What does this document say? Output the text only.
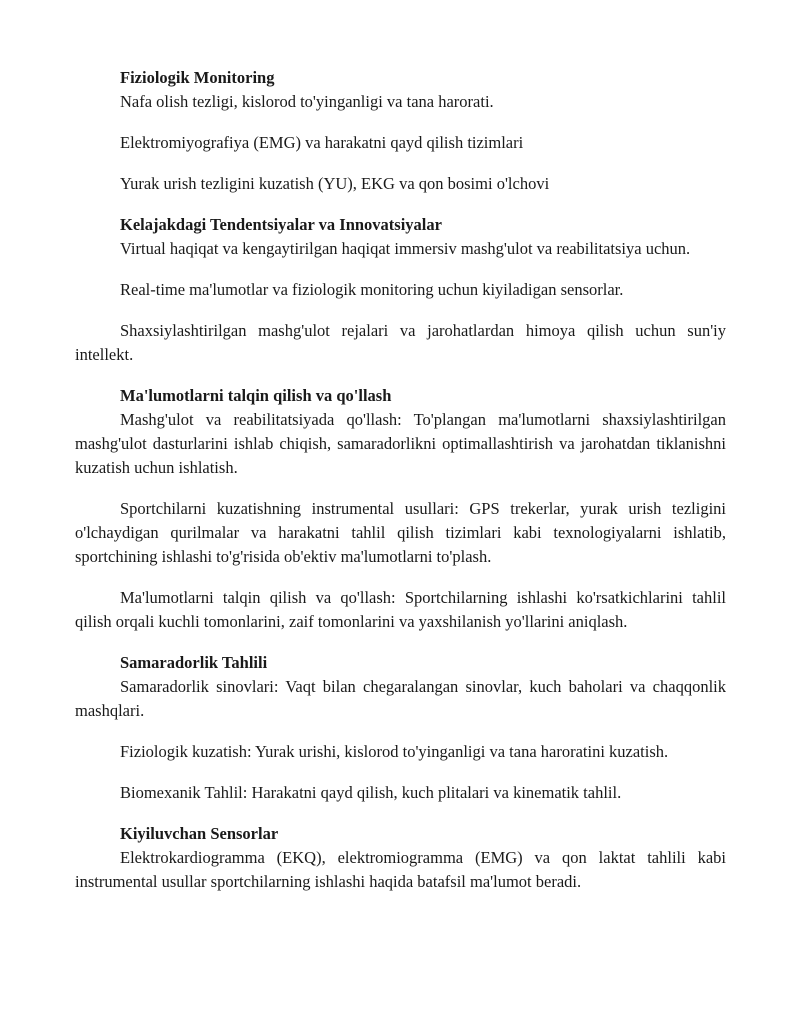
Fiziologik Monitoring

Nafa olish tezligi, kislorod to'yinganligi va tana harorati.

Elektromiyografiya (EMG) va harakatni qayd qilish tizimlari

Yurak urish tezligini kuzatish (YU), EKG va qon bosimi o'lchovi

Kelajakdagi Tendentsiyalar va Innovatsiyalar

Virtual haqiqat va kengaytirilgan haqiqat immersiv mashg'ulot va reabilitatsiya uchun.

Real-time ma'lumotlar va fiziologik monitoring uchun kiyiladigan sensorlar.

Shaxsiylashtirilgan mashg'ulot rejalari va jarohatlardan himoya qilish uchun sun'iy intellekt.

Ma'lumotlarni talqin qilish va qo'llash

Mashg'ulot va reabilitatsiyada qo'llash: To'plangan ma'lumotlarni shaxsiylashtirilgan mashg'ulot dasturlarini ishlab chiqish, samaradorlikni optimallashtirish va jarohatdan tiklanishni kuzatish uchun ishlatish.

Sportchilarni kuzatishning instrumental usullari: GPS trekerlar, yurak urish tezligini o'lchaydigan qurilmalar va harakatni tahlil qilish tizimlari kabi texnologiyalarni ishlatib, sportchining ishlashi to'g'risida ob'ektiv ma'lumotlarni to'plash.

Ma'lumotlarni talqin qilish va qo'llash: Sportchilarning ishlashi ko'rsatkichlarini tahlil qilish orqali kuchli tomonlarini, zaif tomonlarini va yaxshilanish yo'llarini aniqlash.

Samaradorlik Tahlili

Samaradorlik sinovlari: Vaqt bilan chegaralangan sinovlar, kuch baholari va chaqqonlik mashqlari.

Fiziologik kuzatish: Yurak urishi, kislorod to'yinganligi va tana haroratini kuzatish.

Biomexanik Tahlil: Harakatni qayd qilish, kuch plitalari va kinematik tahlil.

Kiyiluvchan Sensorlar

Elektrokardiogramma (EKQ), elektromiogramma (EMG) va qon laktat tahlili kabi instrumental usullar sportchilarning ishlashi haqida batafsil ma'lumot beradi.
